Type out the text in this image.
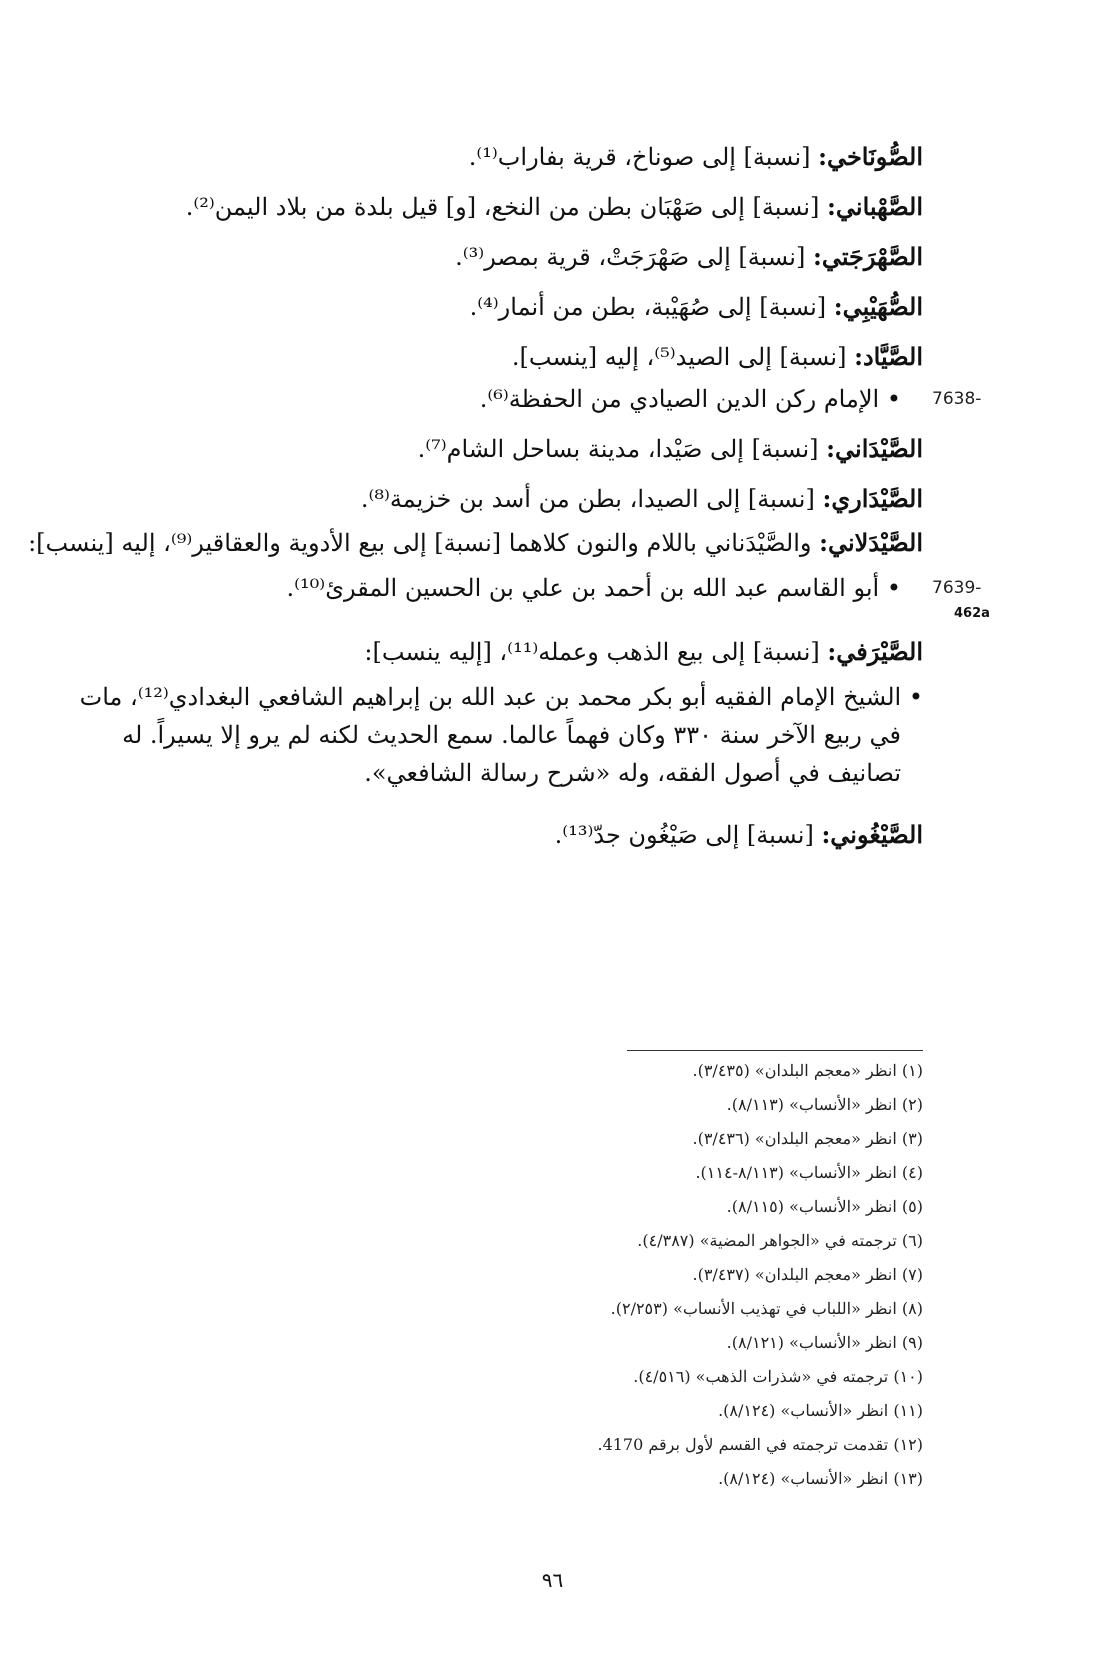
الصُّونَاخي: [نسبة] إلى صوناخ، قرية بفاراب⁽¹⁾.
الصَّهْباني: [نسبة] إلى صَهْبَان بطن من النخع، [و] قيل بلدة من بلاد اليمن⁽²⁾.
الصَّهْرَجَتي: [نسبة] إلى صَهْرَجَتْ، قرية بمصر⁽³⁾.
الصُّهَيْبِي: [نسبة] إلى صُهَيْبة، بطن من أنمار⁽⁴⁾.
الصَّيَّاد: [نسبة] إلى الصيد⁽⁵⁾، إليه [ينسب].
7638-
• الإمام ركن الدين الصيادي من الحفظة⁽⁶⁾.
الصَّيْدَاني: [نسبة] إلى صَيْدا، مدينة بساحل الشام⁽⁷⁾.
الصَّيْدَاري: [نسبة] إلى الصيدا، بطن من أسد بن خزيمة⁽⁸⁾.
الصَّيْدَلاني: والصَّيْدَناني باللام والنون كلاهما [نسبة] إلى بيع الأدوية والعقاقير⁽⁹⁾، إليه [ينسب]:
7639-
• أبو القاسم عبد الله بن أحمد بن علي بن الحسين المقرئ⁽¹⁰⁾.
462a
الصَّيْرَفي: [نسبة] إلى بيع الذهب وعمله⁽¹¹⁾، [إليه ينسب]:
• الشيخ الإمام الفقيه أبو بكر محمد بن عبد الله بن إبراهيم الشافعي البغدادي⁽¹²⁾، مات
في ربيع الآخر سنة ٣٣٠ وكان فهماً عالما. سمع الحديث لكنه لم يرو إلا يسيراً. له
تصانيف في أصول الفقه، وله «شرح رسالة الشافعي».
الصَّيْغُوني: [نسبة] إلى صَيْغُون جدّ⁽¹³⁾.
(١) انظر «معجم البلدان» (٣/٤٣٥).
(٢) انظر «الأنساب» (٨/١١٣).
(٣) انظر «معجم البلدان» (٣/٤٣٦).
(٤) انظر «الأنساب» (٨/١١٣-١١٤).
(٥) انظر «الأنساب» (٨/١١٥).
(٦) ترجمته في «الجواهر المضية» (٤/٣٨٧).
(٧) انظر «معجم البلدان» (٣/٤٣٧).
(٨) انظر «اللباب في تهذيب الأنساب» (٢/٢٥٣).
(٩) انظر «الأنساب» (٨/١٢١).
(١٠) ترجمته في «شذرات الذهب» (٤/٥١٦).
(١١) انظر «الأنساب» (٨/١٢٤).
(١٢) تقدمت ترجمته في القسم لأول برقم 4170.
(١٣) انظر «الأنساب» (٨/١٢٤).
٩٦
